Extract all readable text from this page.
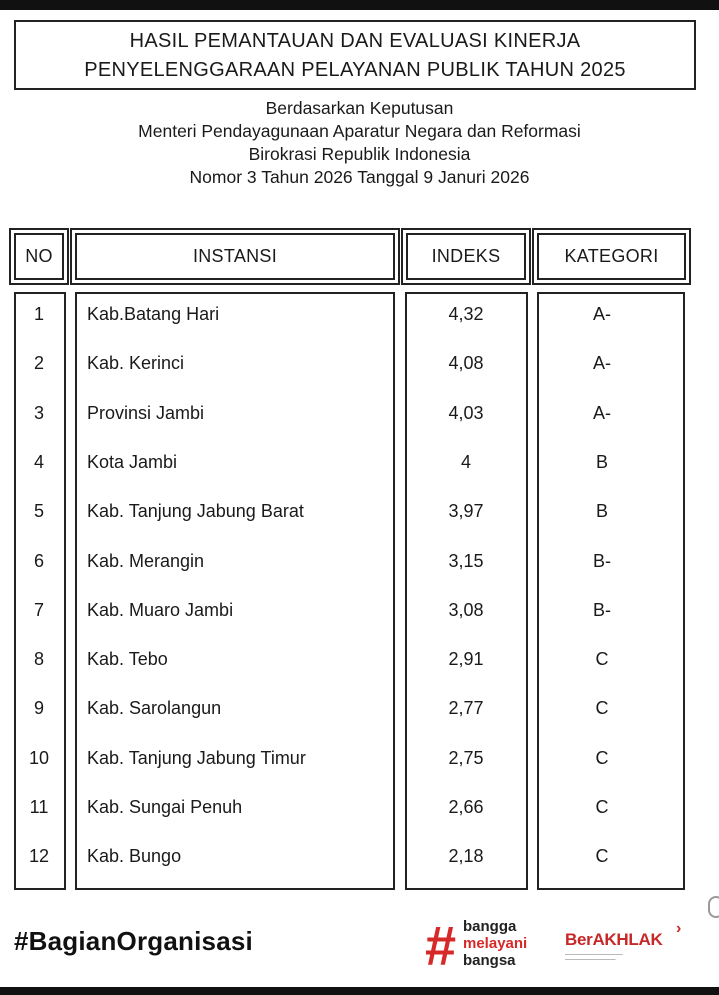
HASIL PEMANTAUAN DAN EVALUASI KINERJA
PENYELENGGARAAN PELAYANAN PUBLIK TAHUN 2025
Berdasarkan Keputusan
Menteri Pendayagunaan Aparatur Negara dan Reformasi
Birokrasi Republik Indonesia
Nomor 3 Tahun 2026 Tanggal 9 Januri 2026
NO	INSTANSI	INDEKS	KATEGORI
1	Kab.Batang Hari	4,32	A-
2	Kab. Kerinci	4,08	A-
3	Provinsi Jambi	4,03	A-
4	Kota Jambi	4	B
5	Kab. Tanjung Jabung Barat	3,97	B
6	Kab. Merangin	3,15	B-
7	Kab. Muaro Jambi	3,08	B-
8	Kab. Tebo	2,91	C
9	Kab. Sarolangun	2,77	C
10	Kab. Tanjung Jabung Timur	2,75	C
11	Kab. Sungai Penuh	2,66	C
12	Kab. Bungo	2,18	C
#BagianOrganisasi	# bangga
melayani
bangsa
BerAKHLAK
━━━━━━━━━━━━━━━━━━━━━━━━
━━━━━━━━━━━━━━━━━━━━━
›
